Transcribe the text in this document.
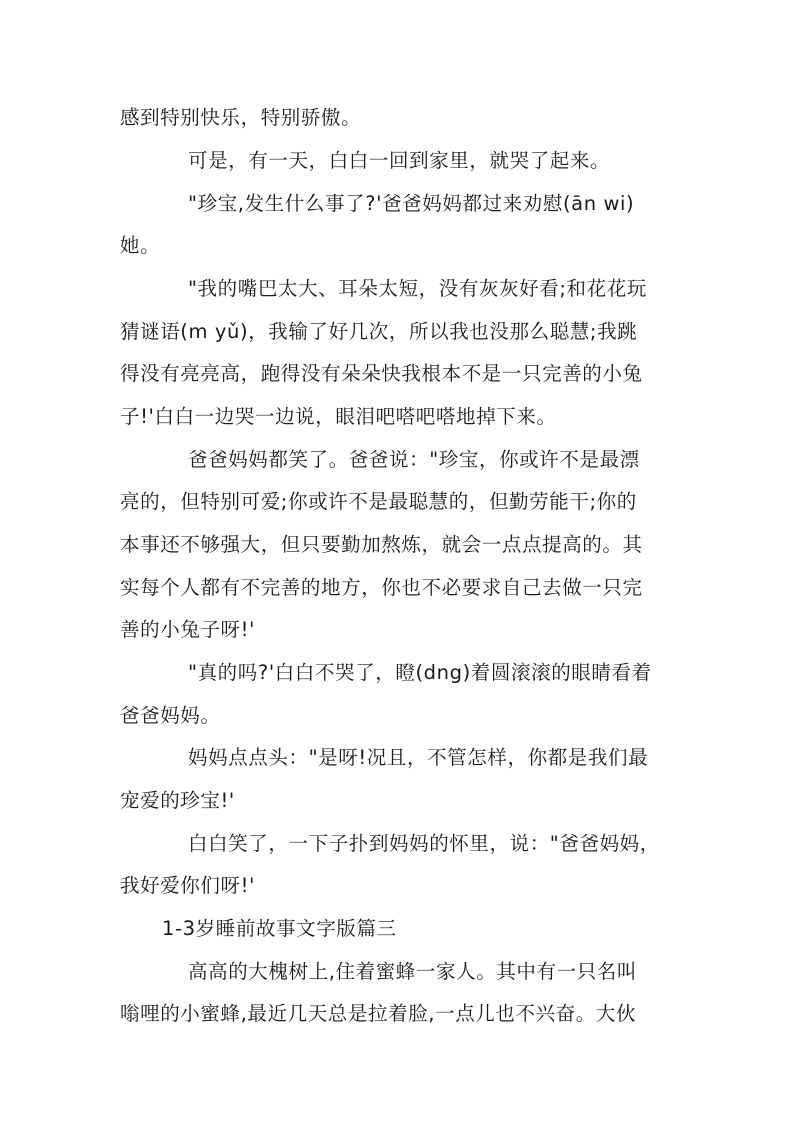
感到特别快乐，特别骄傲。
可是，有一天，白白一回到家里，就哭了起来。
"珍宝,发生什么事了?'爸爸妈妈都过来劝慰(ān wi)
她。
"我的嘴巴太大、耳朵太短，没有灰灰好看;和花花玩
猜谜语(m yǔ)，我输了好几次，所以我也没那么聪慧;我跳
得没有亮亮高，跑得没有朵朵快我根本不是一只完善的小兔
子!'白白一边哭一边说，眼泪吧嗒吧嗒地掉下来。
爸爸妈妈都笑了。爸爸说："珍宝，你或许不是最漂
亮的，但特别可爱;你或许不是最聪慧的，但勤劳能干;你的
本事还不够强大，但只要勤加熬炼，就会一点点提高的。其
实每个人都有不完善的地方，你也不必要求自己去做一只完
善的小兔子呀!'
"真的吗?'白白不哭了，瞪(dng)着圆滚滚的眼睛看着
爸爸妈妈。
妈妈点点头："是呀!况且，不管怎样，你都是我们最
宠爱的珍宝!'
白白笑了，一下子扑到妈妈的怀里，说："爸爸妈妈，
我好爱你们呀!'
1-3岁睡前故事文字版篇三
高高的大槐树上,住着蜜蜂一家人。其中有一只名叫
嗡哩的小蜜蜂,最近几天总是拉着脸,一点儿也不兴奋。大伙
